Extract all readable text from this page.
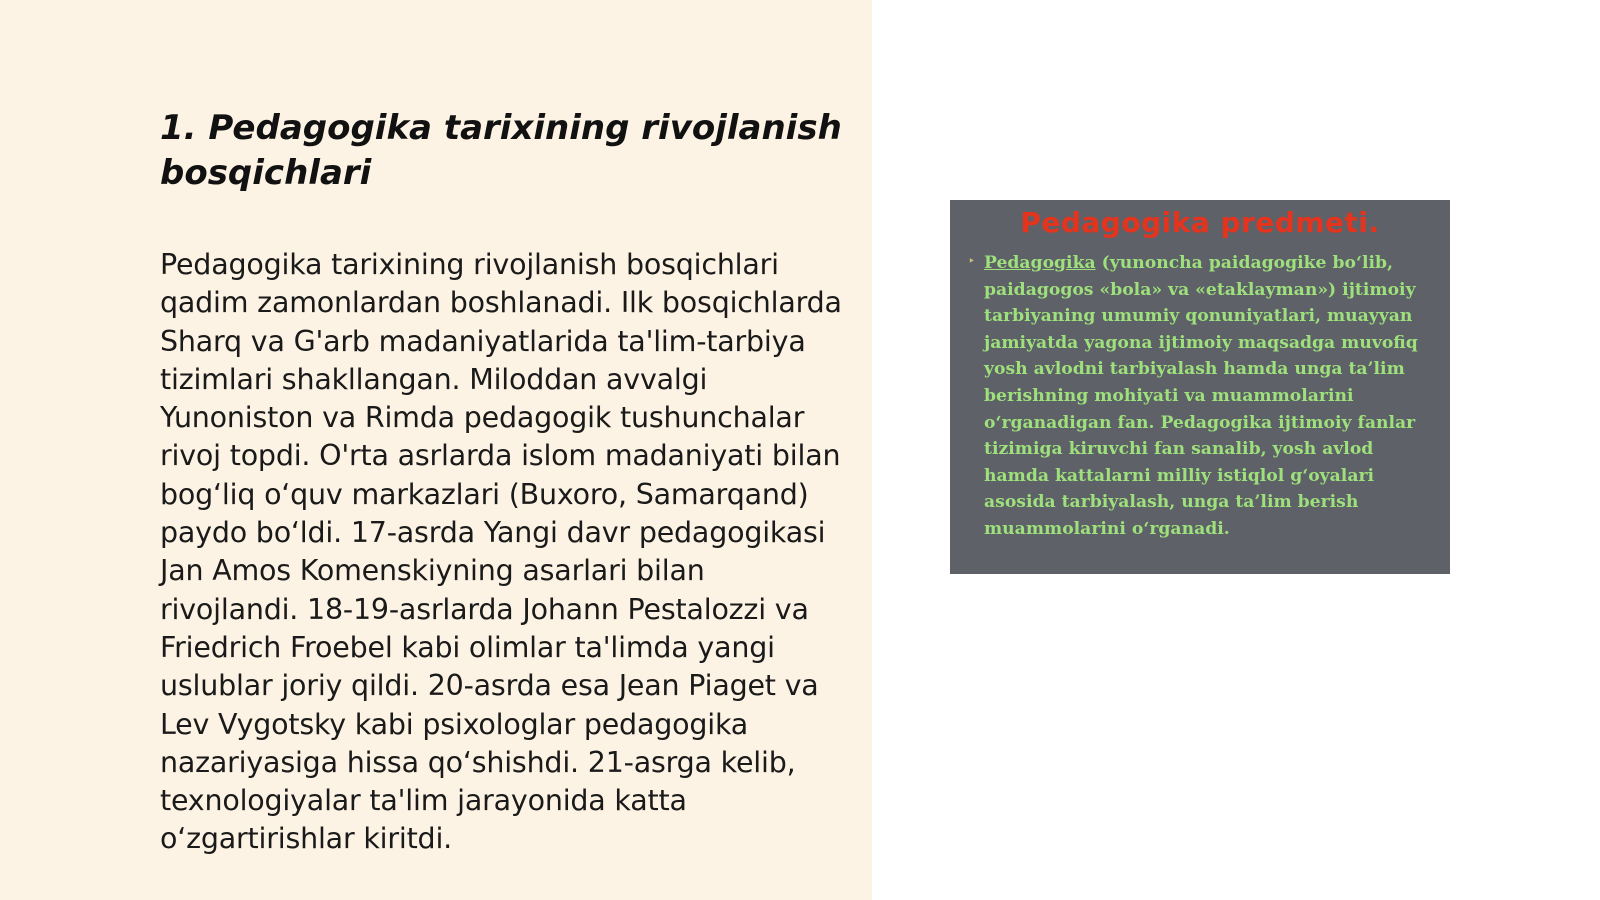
1. Pedagogika tarixining rivojlanish bosqichlari

Pedagogika tarixining rivojlanish bosqichlari qadim zamonlardan boshlanadi. Ilk bosqichlarda Sharq va G'arb madaniyatlarida ta'lim-tarbiya tizimlari shakllangan. Miloddan avvalgi Yunoniston va Rimda pedagogik tushunchalar rivoj topdi. O'rta asrlarda islom madaniyati bilan bog‘liq o‘quv markazlari (Buxoro, Samarqand) paydo bo‘ldi. 17-asrda Yangi davr pedagogikasi Jan Amos Komenskiyning asarlari bilan rivojlandi. 18-19-asrlarda Johann Pestalozzi va Friedrich Froebel kabi olimlar ta'limda yangi uslublar joriy qildi. 20-asrda esa Jean Piaget va Lev Vygotsky kabi psixologlar pedagogika nazariyasiga hissa qo‘shishdi. 21-asrga kelib, texnologiyalar ta'lim jarayonida katta o‘zgartirishlar kiritdi.

Pedagogika predmeti.
‣ Pedagogika (yunoncha paidagogike bo‘lib, paidagogos «bola» va «etaklayman») ijtimoiy tarbiyaning umumiy qonuniyatlari, muayyan jamiyatda yagona ijtimoiy maqsadga muvofiq yosh avlodni tarbiyalash hamda unga ta’lim berishning mohiyati va muammolarini o‘rganadigan fan. Pedagogika ijtimoiy fanlar tizimiga kiruvchi fan sanalib, yosh avlod hamda kattalarni milliy istiqlol g‘oyalari asosida tarbiyalash, unga ta’lim berish muammolarini o‘rganadi.
